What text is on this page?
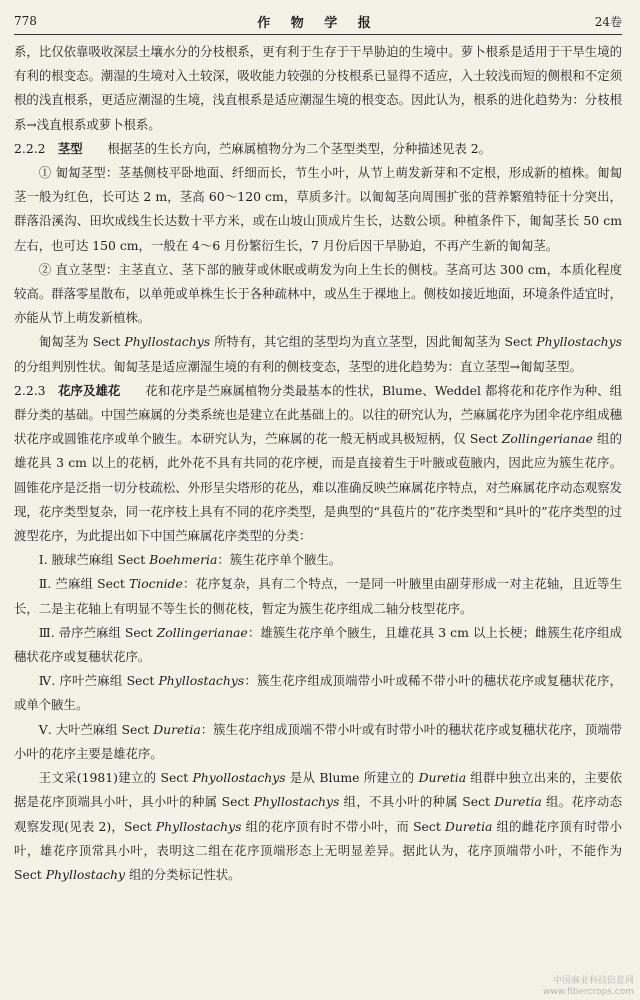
778	作 物 学 报	24卷

系，比仅依靠吸收深层土壤水分的分枝根系，更有利于生存于干旱胁迫的生境中。萝卜根系是适用于干旱生境的有利的根变态。潮湿的生境对入土较深，吸收能力较强的分枝根系已显得不适应，入土较浅而短的侧根和不定须根的浅直根系，更适应潮湿的生境，浅直根系是适应潮湿生境的根变态。因此认为，根系的进化趋势为：分枝根系→浅直根系或萝卜根系。

2.2.2　茎型　　根据茎的生长方向，苎麻属植物分为二个茎型类型，分种描述见表 2。

① 匍匐茎型：茎基侧枝平卧地面、纤细而长，节生小叶，从节上萌发新芽和不定根，形成新的植株。匍匐茎一般为红色，长可达 2 m，茎高 60～120 cm，草质多汁。以匍匐茎向周围扩张的营养繁殖特征十分突出，群落沿溪沟、田坎成线生长达数十平方米，或在山坡山顶成片生长，达数公顷。种植条件下，匍匐茎长 50 cm 左右，也可达 150 cm，一般在 4～6 月份繁衍生长，7 月份后因干旱胁迫，不再产生新的匍匐茎。

② 直立茎型：主茎直立、茎下部的腋芽或休眠或萌发为向上生长的侧枝。茎高可达 300 cm，本质化程度较高。群落零星散布，以单蔸或单株生长于各种疏林中，或丛生于裸地上。侧枝如接近地面，环境条件适宜时，亦能从节上萌发新植株。

匍匐茎为 Sect Phyllostachys 所特有，其它组的茎型均为直立茎型，因此匍匐茎为 Sect Phyllostachys 的分组判别性状。匍匐茎是适应潮湿生境的有利的侧枝变态，茎型的进化趋势为：直立茎型→匍匐茎型。

2.2.3　花序及雄花　　花和花序是苎麻属植物分类最基本的性状，Blume、Weddel 都将花和花序作为种、组群分类的基础。中国苎麻属的分类系统也是建立在此基础上的。以往的研究认为，苎麻属花序为团伞花序组成穗状花序或圆锥花序或单个腋生。本研究认为，苎麻属的花一般无柄或具极短柄，仅 Sect Zollingerianae 组的雄花具 3 cm 以上的花柄，此外花不具有共同的花序梗，而是直接着生于叶腋或苞腋内，因此应为簇生花序。圆锥花序是泛指一切分枝疏松、外形呈尖塔形的花丛，难以准确反映苎麻属花序特点，对苎麻属花序动态观察发现，花序类型复杂，同一花序枝上具有不同的花序类型，是典型的“具苞片的”花序类型和“具叶的”花序类型的过渡型花序，为此提出如下中国苎麻属花序类型的分类：

Ⅰ. 腋球苎麻组 Sect Boehmeria：簇生花序单个腋生。

Ⅱ. 苎麻组 Sect Tiocnide：花序复杂，具有二个特点，一是同一叶腋里由副芽形成一对主花轴，且近等生长，二是主花轴上有明显不等生长的侧花枝，暂定为簇生花序组成二轴分枝型花序。

Ⅲ. 帚序苎麻组 Sect Zollingerianae：雄簇生花序单个腋生，且雄花具 3 cm 以上长梗；雌簇生花序组成穗状花序或复穗状花序。

Ⅳ. 序叶苎麻组 Sect Phyllostachys：簇生花序组成顶端带小叶或稀不带小叶的穗状花序或复穗状花序，或单个腋生。

Ⅴ. 大叶苎麻组 Sect Duretia：簇生花序组成顶端不带小叶或有时带小叶的穗状花序或复穗状花序，顶端带小叶的花序主要是雄花序。

王文采(1981)建立的 Sect Phyollostachys 是从 Blume 所建立的 Duretia 组群中独立出来的，主要依据是花序顶端具小叶，具小叶的种属 Sect Phyllostachys 组，不具小叶的种属 Sect Duretia 组。花序动态观察发现(见表 2)，Sect Phyllostachys 组的花序顶有时不带小叶，而 Sect Duretia 组的雌花序顶有时带小叶，雄花序顶常具小叶，表明这二组在花序顶端形态上无明显差异。据此认为，花序顶端带小叶，不能作为 Sect Phyllostachy 组的分类标记性状。

中国麻业科技信息网
www.fibercrops.com
